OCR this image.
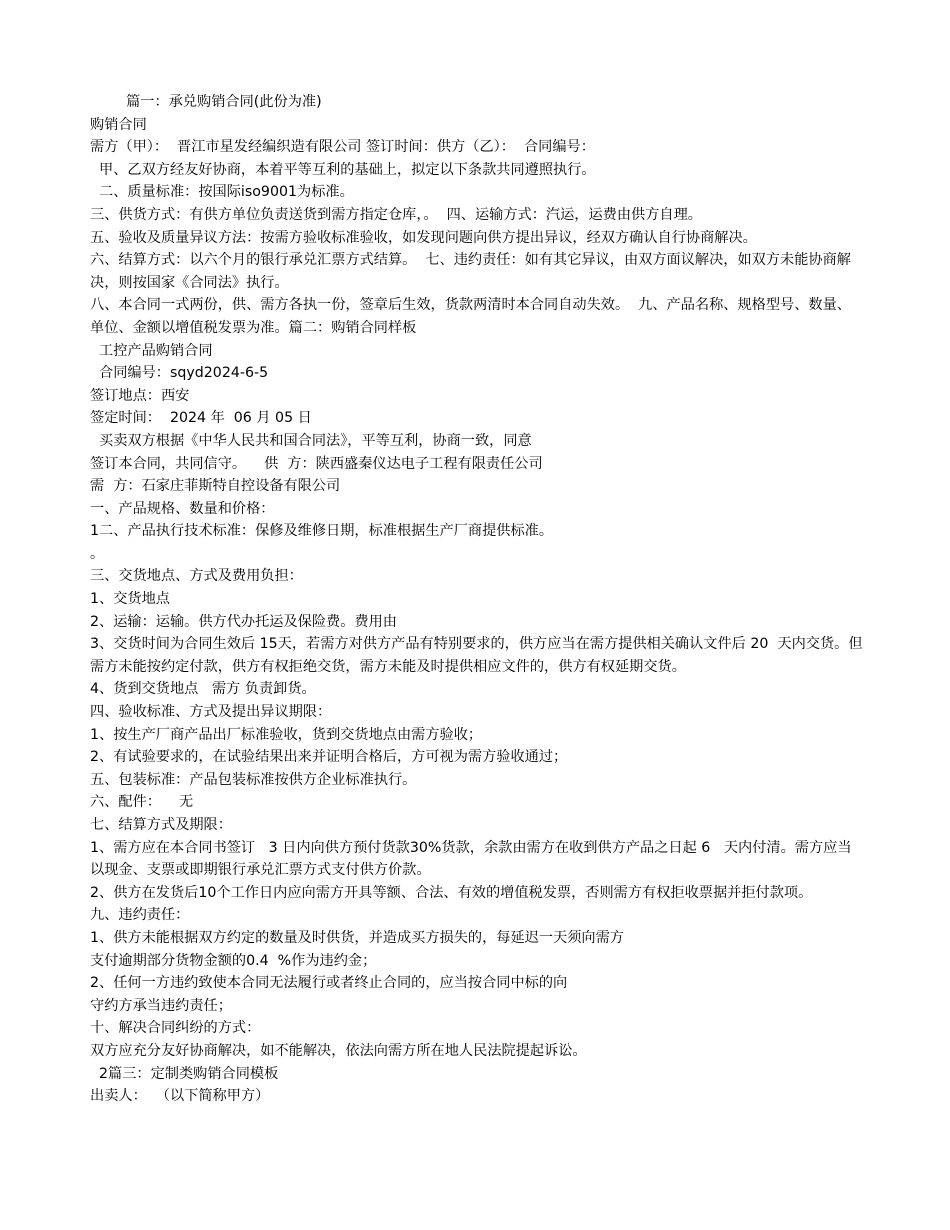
篇一：承兑购销合同(此份为准)

购销合同

需方（甲）：  晋江市星发经编织造有限公司 签订时间：供方（乙）：  合同编号：

甲、乙双方经友好协商，本着平等互利的基础上，拟定以下条款共同遵照执行。

二、质量标准：按国际iso9001为标准。

三、供货方式：有供方单位负责送货到需方指定仓库，。  四、运输方式：汽运，运费由供方自理。

五、验收及质量异议方法：按需方验收标准验收，如发现问题向供方提出异议，经双方确认自行协商解决。

六、结算方式：以六个月的银行承兑汇票方式结算。  七、违约责任：如有其它异议，由双方面议解决，如双方未能协商解决，则按国家《合同法》执行。

八、本合同一式两份，供、需方各执一份，签章后生效，货款两清时本合同自动失效。  九、产品名称、规格型号、数量、单位、金额以增值税发票为准。篇二：购销合同样板

工控产品购销合同

合同编号：sqyd2024-6-5

签订地点：西安

签定时间：  2024 年  06 月 05 日

买卖双方根据《中华人民共和国合同法》，平等互利，协商一致，同意

签订本合同，共同信守。    供  方：陕西盛秦仪达电子工程有限责任公司

需  方：石家庄菲斯特自控设备有限公司

一、产品规格、数量和价格：

1二、产品执行技术标准：保修及维修日期，标准根据生产厂商提供标准。

。

三、交货地点、方式及费用负担：

1、交货地点

2、运输：运输。供方代办托运及保险费。费用由

3、交货时间为合同生效后 15天，若需方对供方产品有特别要求的，供方应当在需方提供相关确认文件后 20  天内交货。但需方未能按约定付款，供方有权拒绝交货，需方未能及时提供相应文件的，供方有权延期交货。

4、货到交货地点   需方 负责卸货。

四、验收标准、方式及提出异议期限：

1、按生产厂商产品出厂标准验收，货到交货地点由需方验收；

2、有试验要求的，在试验结果出来并证明合格后，方可视为需方验收通过；

五、包装标准：产品包装标准按供方企业标准执行。

六、配件：    无

七、结算方式及期限：

1、需方应在本合同书签订   3 日内向供方预付货款30%货款，余款由需方在收到供方产品之日起 6   天内付清。需方应当以现金、支票或即期银行承兑汇票方式支付供方价款。

2、供方在发货后10个工作日内应向需方开具等额、合法、有效的增值税发票，否则需方有权拒收票据并拒付款项。

九、违约责任：

1、供方未能根据双方约定的数量及时供货，并造成买方损失的，每延迟一天须向需方

支付逾期部分货物金额的0.4  %作为违约金；

2、任何一方违约致使本合同无法履行或者终止合同的，应当按合同中标的向

守约方承当违约责任；

十、解决合同纠纷的方式：

双方应充分友好协商解决，如不能解决，依法向需方所在地人民法院提起诉讼。

2篇三：定制类购销合同模板

出卖人：  （以下简称甲方）
